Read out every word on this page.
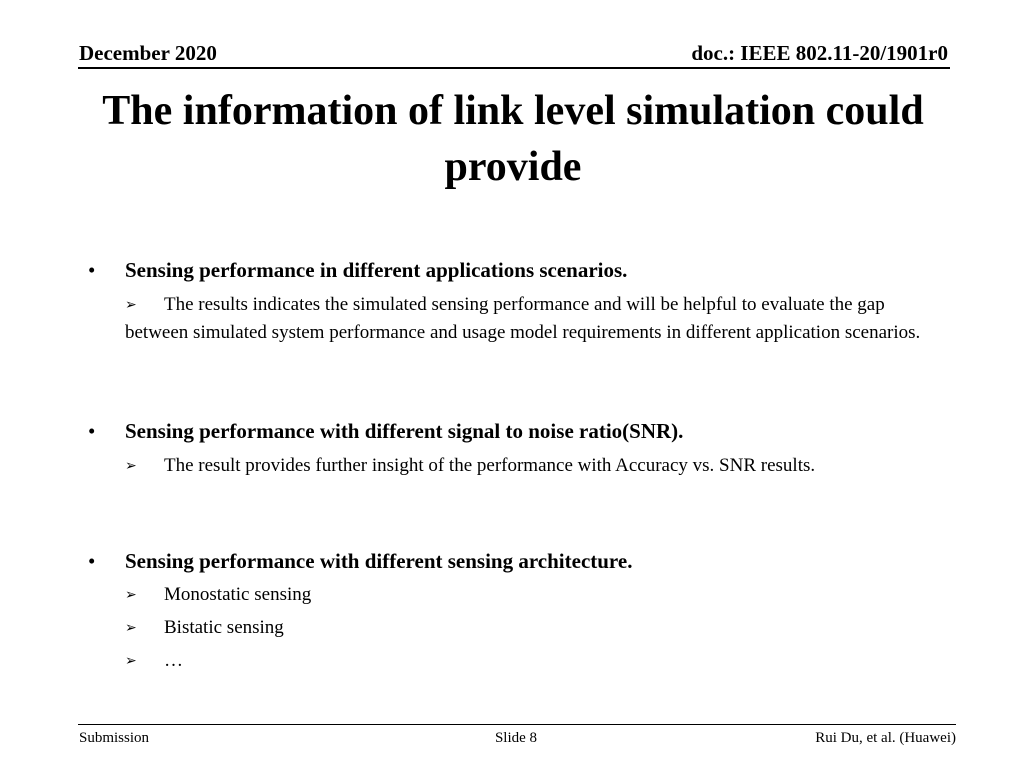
December 2020	doc.: IEEE 802.11-20/1901r0
The information of link level simulation could provide
• Sensing performance in different applications scenarios.
➢ The results indicates the simulated sensing performance and will be helpful to evaluate the gap between simulated system performance and usage model requirements in different application scenarios.
• Sensing performance with different signal to noise ratio(SNR).
➢ The result provides further insight of the performance with Accuracy vs. SNR results.
• Sensing performance with different sensing architecture.
➢ Monostatic sensing
➢ Bistatic sensing
➢ …
Submission	Slide 8	Rui Du, et al. (Huawei)
